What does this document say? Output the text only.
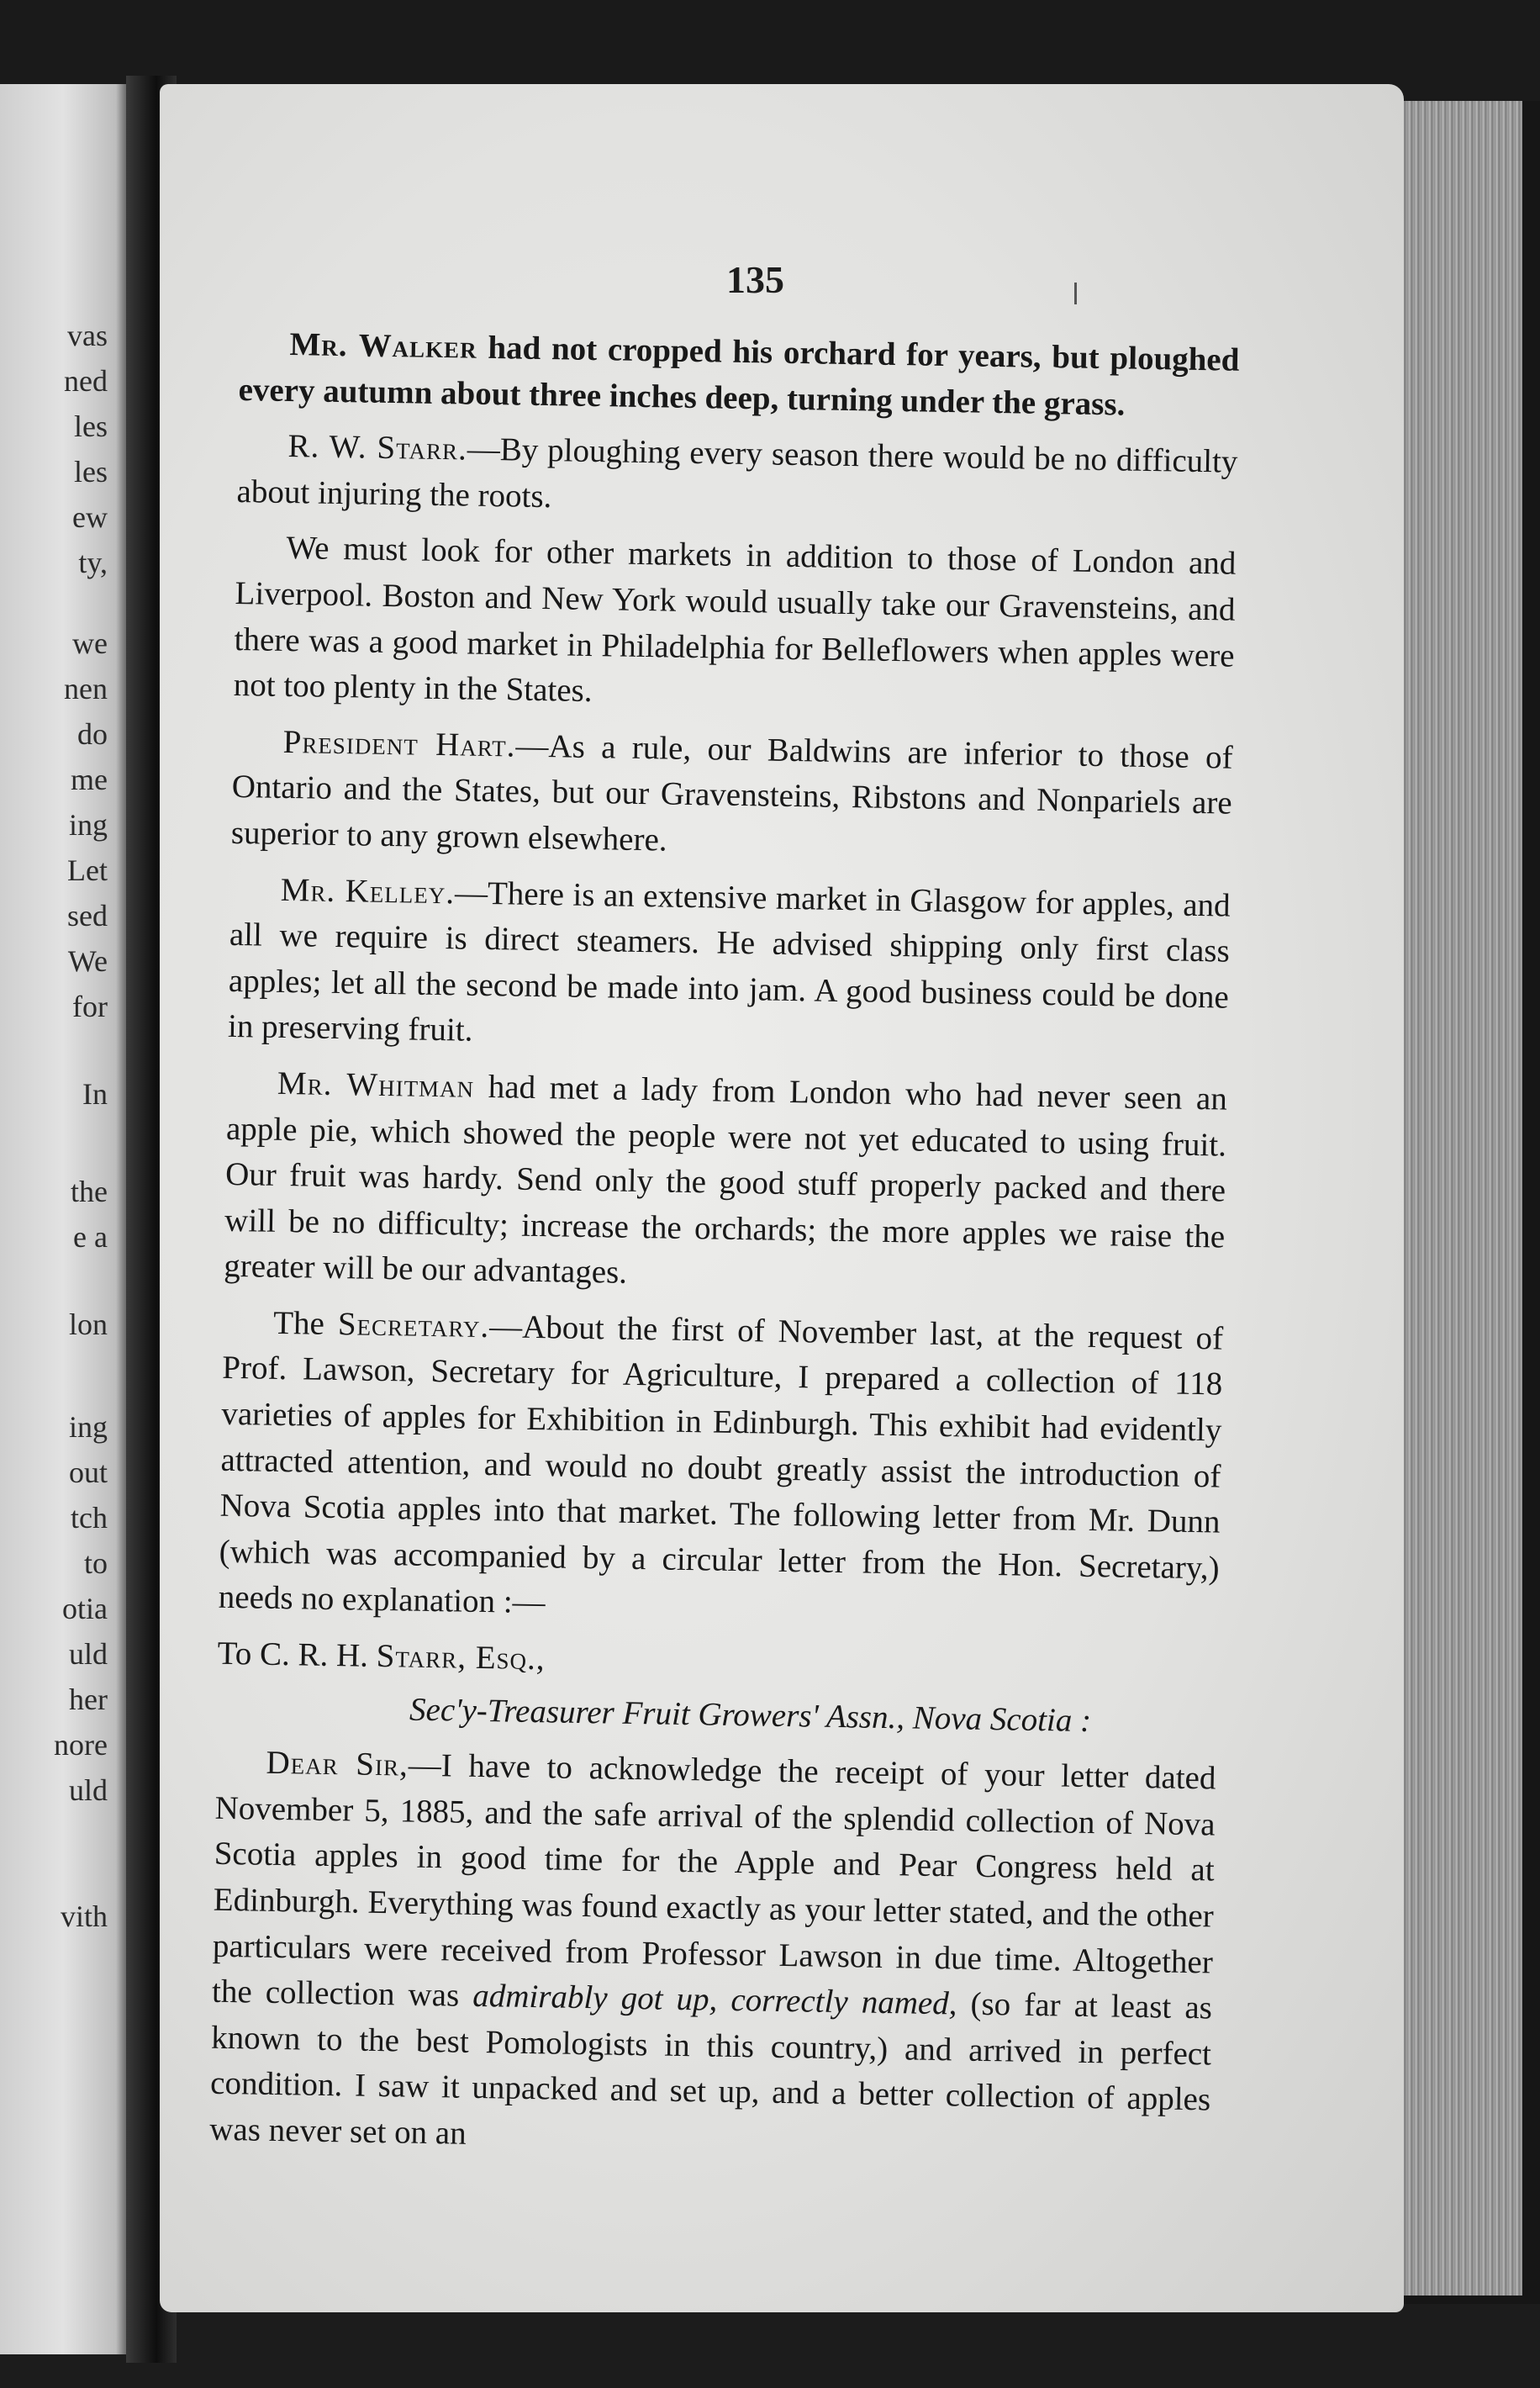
vas
ned
les
les
ew
ty,
we
nen
do
me
ing
Let
sed
We
for
In
the
e a
lon
ing
out
tch
to
otia
uld
her
nore
uld
vith
135

Mr. Walker had not cropped his orchard for years, but ploughed every autumn about three inches deep, turning under the grass.

R. W. Starr.—By ploughing every season there would be no difficulty about injuring the roots.

We must look for other markets in addition to those of London and Liverpool. Boston and New York would usually take our Gravensteins, and there was a good market in Philadelphia for Belleflowers when apples were not too plenty in the States.

President Hart.—As a rule, our Baldwins are inferior to those of Ontario and the States, but our Gravensteins, Ribstons and Nonpariels are superior to any grown elsewhere.

Mr. Kelley.—There is an extensive market in Glasgow for apples, and all we require is direct steamers. He advised shipping only first class apples; let all the second be made into jam. A good business could be done in preserving fruit.

Mr. Whitman had met a lady from London who had never seen an apple pie, which showed the people were not yet educated to using fruit. Our fruit was hardy. Send only the good stuff properly packed and there will be no difficulty; increase the orchards; the more apples we raise the greater will be our advantages.

The Secretary.—About the first of November last, at the request of Prof. Lawson, Secretary for Agriculture, I prepared a collection of 118 varieties of apples for Exhibition in Edinburgh. This exhibit had evidently attracted attention, and would no doubt greatly assist the introduction of Nova Scotia apples into that market. The following letter from Mr. Dunn (which was accompanied by a circular letter from the Hon. Secretary,) needs no explanation :—

To C. R. H. Starr, Esq.,

Sec'y-Treasurer Fruit Growers' Assn., Nova Scotia :

Dear Sir,—I have to acknowledge the receipt of your letter dated November 5, 1885, and the safe arrival of the splendid collection of Nova Scotia apples in good time for the Apple and Pear Congress held at Edinburgh. Everything was found exactly as your letter stated, and the other particulars were received from Professor Lawson in due time. Altogether the collection was admirably got up, correctly named, (so far at least as known to the best Pomologists in this country,) and arrived in perfect condition. I saw it unpacked and set up, and a better collection of apples was never set on an
